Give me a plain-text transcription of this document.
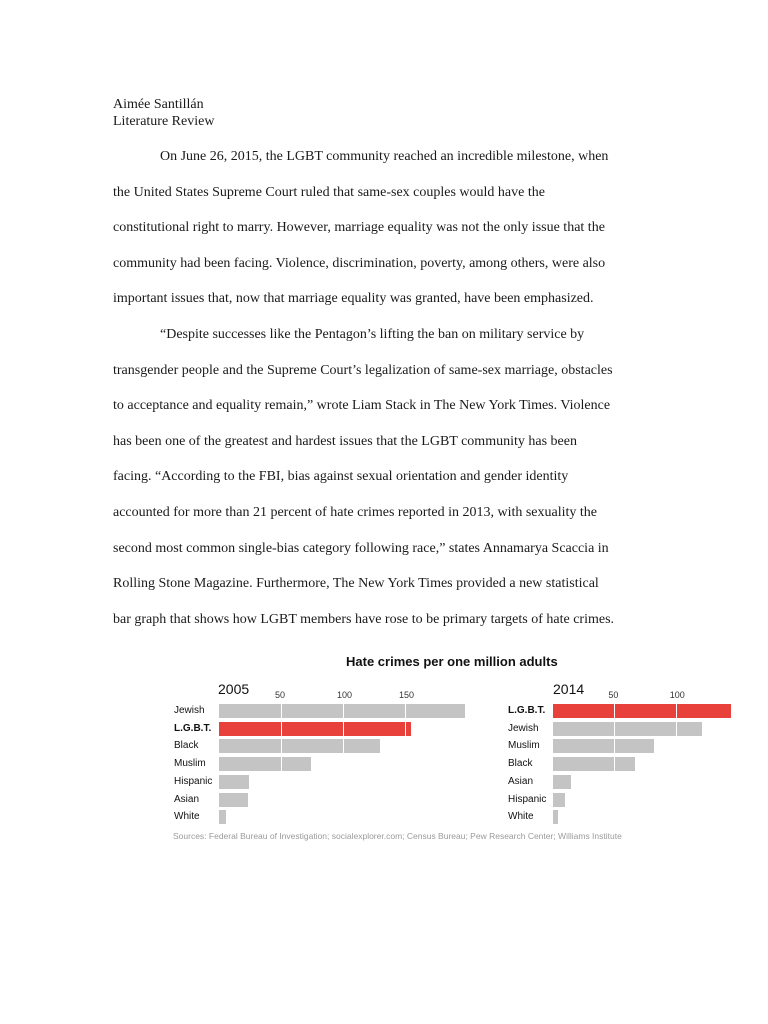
Aimée Santillán
Literature Review
On June 26, 2015, the LGBT community reached an incredible milestone, when
the United States Supreme Court ruled that same-sex couples would have the
constitutional right to marry. However, marriage equality was not the only issue that the
community had been facing. Violence, discrimination, poverty, among others, were also
important issues that, now that marriage equality was granted, have been emphasized.
“Despite successes like the Pentagon’s lifting the ban on military service by
transgender people and the Supreme Court’s legalization of same-sex marriage, obstacles
to acceptance and equality remain,” wrote Liam Stack in The New York Times. Violence
has been one of the greatest and hardest issues that the LGBT community has been
facing. “According to the FBI, bias against sexual orientation and gender identity
accounted for more than 21 percent of hate crimes reported in 2013, with sexuality the
second most common single-bias category following race,” states Annamarya Scaccia in
Rolling Stone Magazine. Furthermore, The New York Times provided a new statistical
bar graph that shows how LGBT members have rose to be primary targets of hate crimes.
Hate crimes per one million adults
2005	50	100	150
Jewish
L.G.B.T.
Black
Muslim
Hispanic
Asian
White
2014	50	100
L.G.B.T.
Jewish
Muslim
Black
Asian
Hispanic
White
Sources: Federal Bureau of Investigation; socialexplorer.com; Census Bureau; Pew Research Center; Williams Institute
